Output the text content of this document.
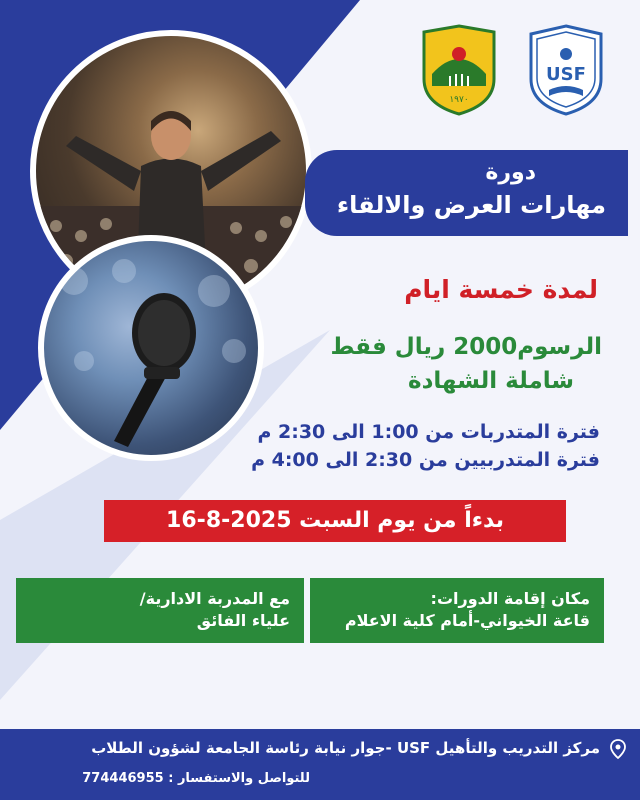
USF
١٩٧٠
دورة
مهارات العرض والالقاء
لمدة خمسة ايام
الرسوم2000 ريال فقط
شاملة الشهادة
فترة المتدربات من 1:00 الى 2:30 م
فترة المتدربيين من 2:30 الى 4:00 م
بدءاً من يوم السبت 2025-8-16
مكان إقامة الدورات:
قاعة الخيواني-أمام كلية الاعلام
مع المدربة الادارية/
علياء الفائق
مركز التدريب والتأهيل USF -جوار نيابة رئاسة الجامعة لشؤون الطلاب
للتواصل والاستفسار : 774446955
